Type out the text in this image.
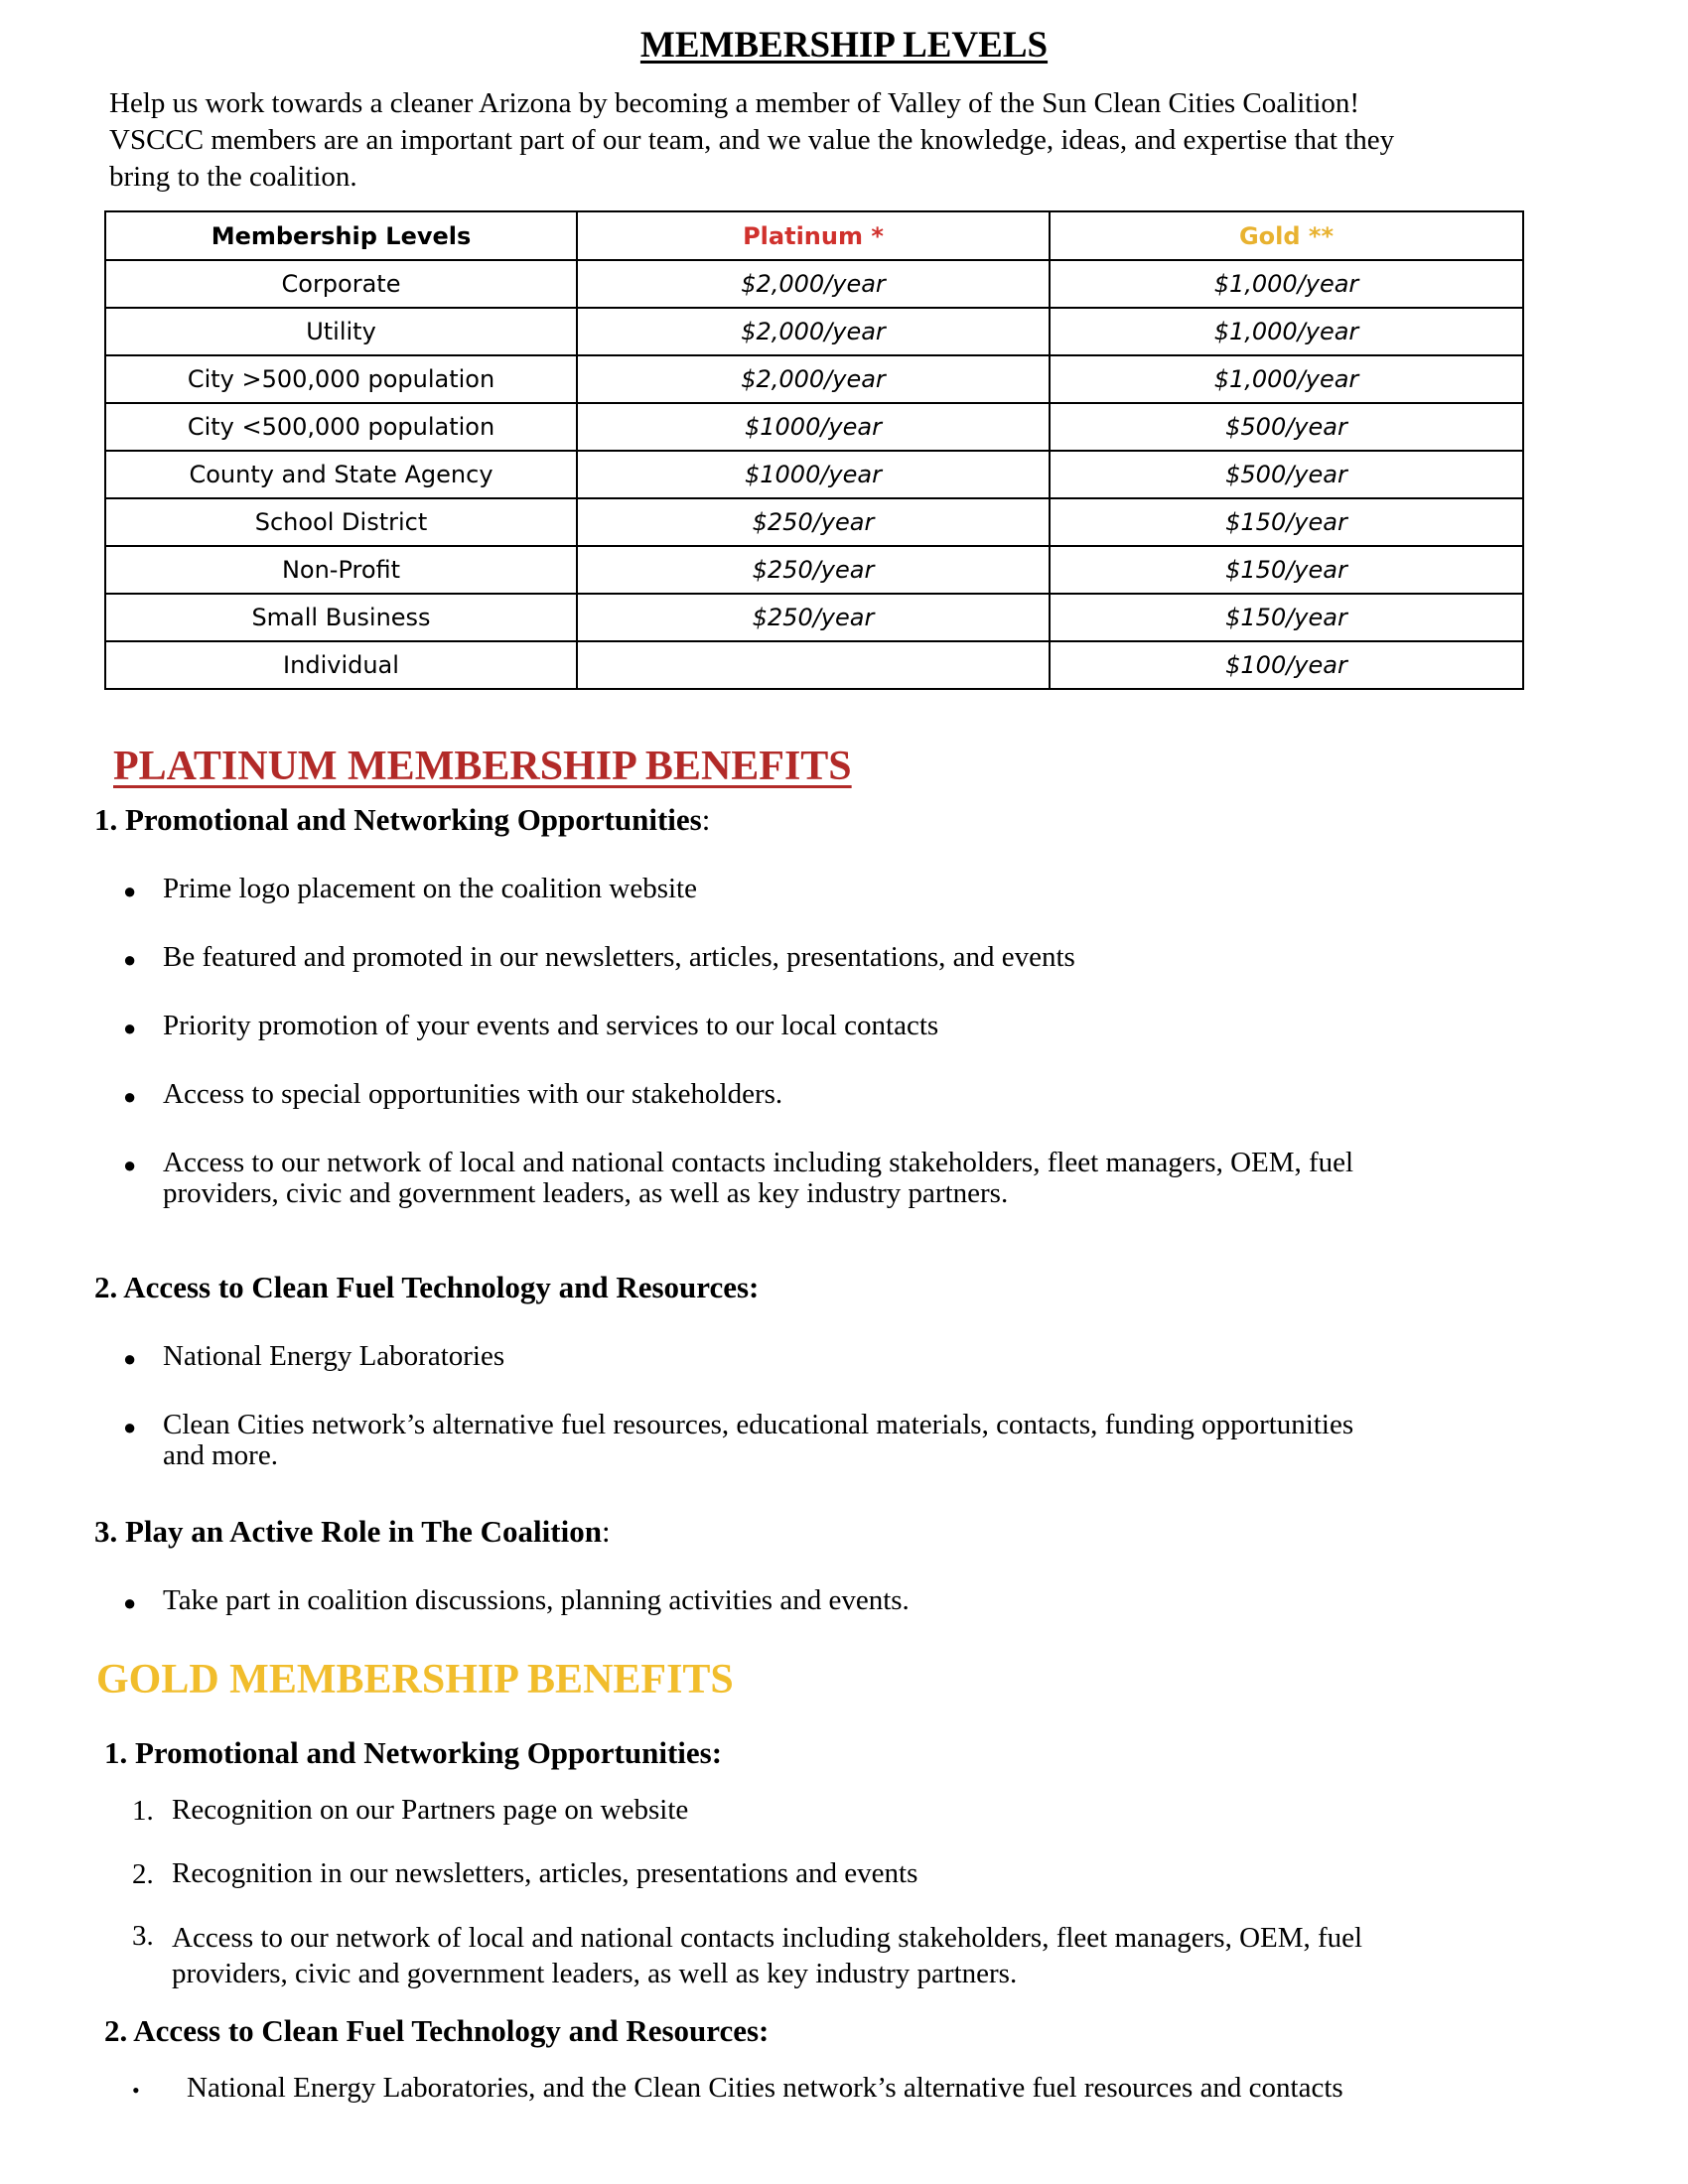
MEMBERSHIP LEVELS
Help us work towards a cleaner Arizona by becoming a member of Valley of the Sun Clean Cities Coalition!
VSCCC members are an important part of our team, and we value the knowledge, ideas, and expertise that they
bring to the coalition.
Membership Levels	Platinum *	Gold **
Corporate	$2,000/year	$1,000/year
Utility	$2,000/year	$1,000/year
City >500,000 population	$2,000/year	$1,000/year
City <500,000 population	$1000/year	$500/year
County and State Agency	$1000/year	$500/year
School District	$250/year	$150/year
Non-Profit	$250/year	$150/year
Small Business	$250/year	$150/year
Individual		$100/year
PLATINUM MEMBERSHIP BENEFITS
1. Promotional and Networking Opportunities:
● Prime logo placement on the coalition website
● Be featured and promoted in our newsletters, articles, presentations, and events
● Priority promotion of your events and services to our local contacts
● Access to special opportunities with our stakeholders.
● Access to our network of local and national contacts including stakeholders, fleet managers, OEM, fuel
providers, civic and government leaders, as well as key industry partners.
2. Access to Clean Fuel Technology and Resources:
● National Energy Laboratories
● Clean Cities network’s alternative fuel resources, educational materials, contacts, funding opportunities
and more.
3. Play an Active Role in The Coalition:
● Take part in coalition discussions, planning activities and events.
GOLD MEMBERSHIP BENEFITS
1. Promotional and Networking Opportunities:
1. Recognition on our Partners page on website
2. Recognition in our newsletters, articles, presentations and events
3. Access to our network of local and national contacts including stakeholders, fleet managers, OEM, fuel
providers, civic and government leaders, as well as key industry partners.
2. Access to Clean Fuel Technology and Resources:
• National Energy Laboratories, and the Clean Cities network’s alternative fuel resources and contacts
